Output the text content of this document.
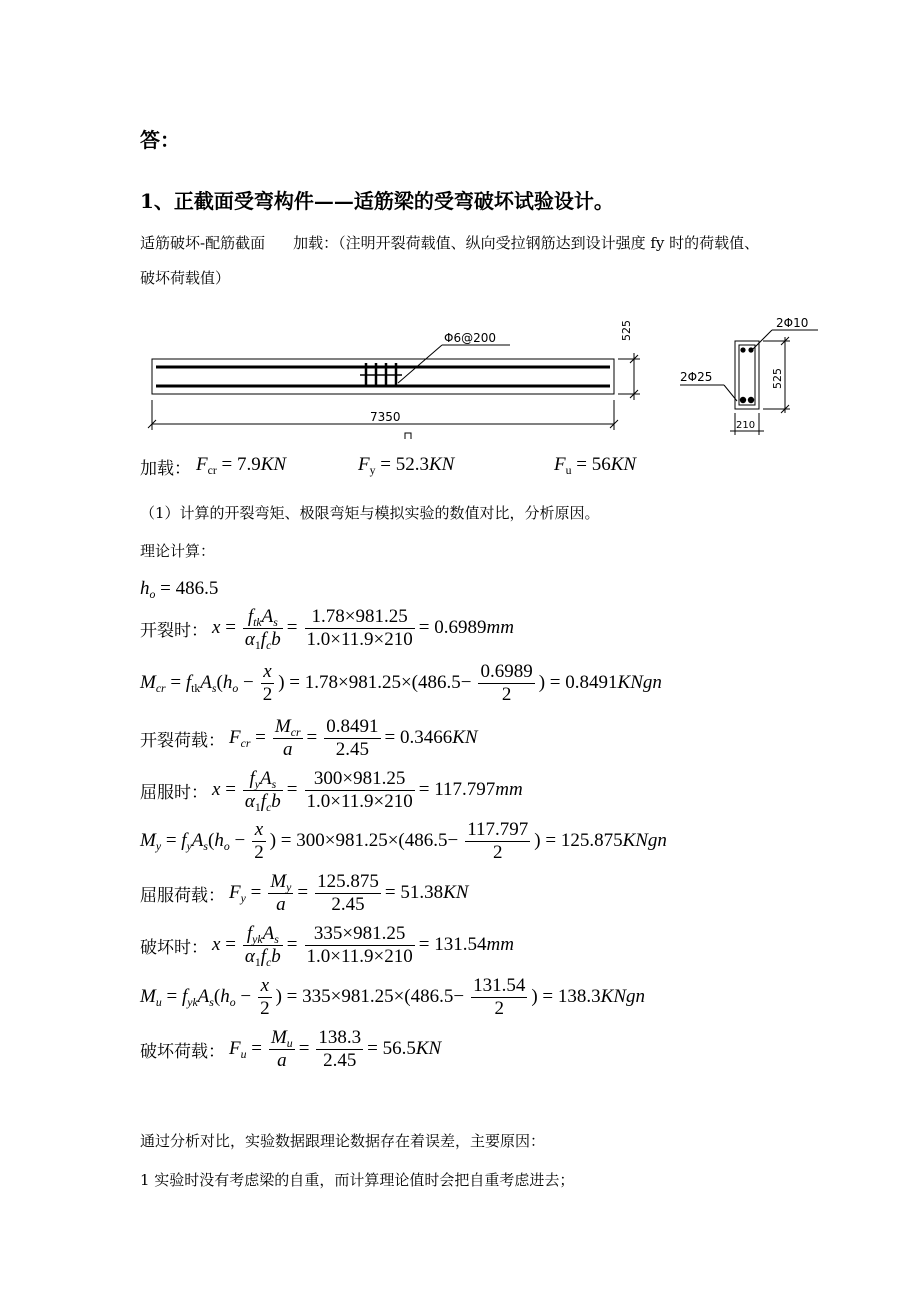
答：
1、正截面受弯构件——适筋梁的受弯破坏试验设计。
适筋破坏-配筋截面 加载：（注明开裂荷载值、纵向受拉钢筋达到设计强度 fy 时的荷载值、
破坏荷载值）
Φ6@200
7350
525
525
210
2Φ10
2Φ25
加载： $F_{cr} = 7.9KN$	$F_y = 52.3KN$	$F_u = 56KN$
（1）计算的开裂弯矩、极限弯矩与模拟实验的数值对比，分析原因。
理论计算：
$h_o = 486.5$
开裂时： $x = \frac{f_{tk}A_s}{\alpha_1f_cb} = \frac{1.78\times 981.25}{1.0\times 11.9\times 210} = 0.6989mm$
$M_{cr} = f_{tk}A_s(h_o - \frac{x}{2}$ ) = $1.78\times 981.25\times(486.5- \frac{0.6989}{2}$ ) = 0.8491KNgn
开裂荷载： $F_{cr} = \frac{M_{cr}}{a} = \frac{0.8491}{2.45} = 0.3466KN$
屈服时： $x = \frac{f_yA_s}{\alpha_1f_cb} = \frac{300\times 981.25}{1.0\times 11.9\times 210} = 117.797mm$
$M_y = f_yA_s(h_o - \frac{x}{2}$ ) = $300\times 981.25\times(486.5- \frac{117.797}{2}$ ) = 125.875KNgn
屈服荷载： $F_y = \frac{M_y}{a} = \frac{125.875}{2.45} = 51.38KN$
破坏时： $x = \frac{f_{yk}A_s}{\alpha_1f_cb} = \frac{335\times 981.25}{1.0\times 11.9\times 210} = 131.54mm$
$M_u = f_{yk}A_s(h_o - \frac{x}{2}$ ) = $335\times 981.25\times(486.5- \frac{131.54}{2}$ ) = 138.3KNgn
破坏荷载： $F_u = \frac{M_u}{a} = \frac{138.3}{2.45} = 56.5KN$
通过分析对比，实验数据跟理论数据存在着误差，主要原因：
1 实验时没有考虑梁的自重，而计算理论值时会把自重考虑进去；
